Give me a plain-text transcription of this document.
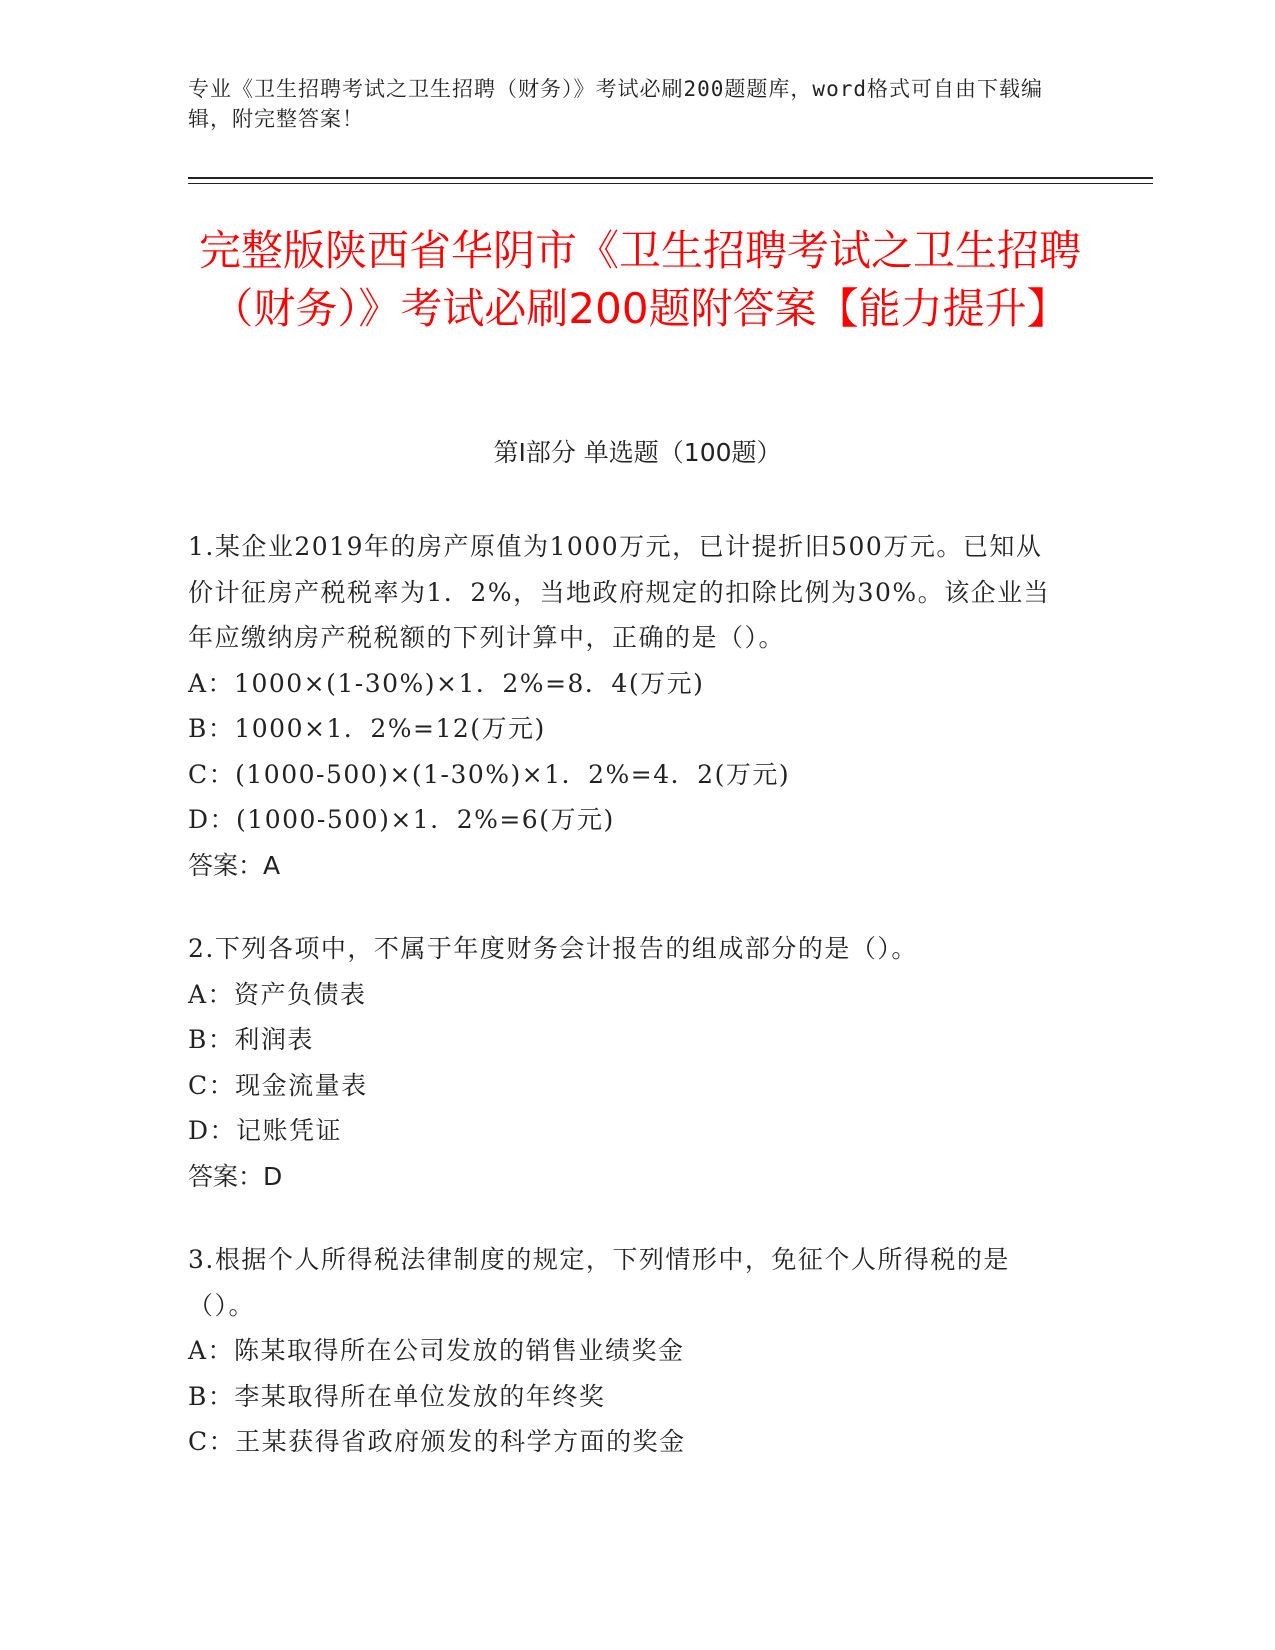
专业《卫生招聘考试之卫生招聘（财务）》考试必刷200题题库，word格式可自由下载编辑，附完整答案！
完整版陕西省华阴市《卫生招聘考试之卫生招聘（财务）》考试必刷200题附答案【能力提升】
第I部分 单选题（100题）
1.某企业2019年的房产原值为1000万元，已计提折旧500万元。已知从价计征房产税税率为1．2%，当地政府规定的扣除比例为30%。该企业当年应缴纳房产税税额的下列计算中，正确的是（）。
A：1000×(1-30%)×1．2%=8．4(万元)
B：1000×1．2%=12(万元)
C：(1000-500)×(1-30%)×1．2%=4．2(万元)
D：(1000-500)×1．2%=6(万元)
答案：A
2.下列各项中，不属于年度财务会计报告的组成部分的是（）。
A：资产负债表
B：利润表
C：现金流量表
D：记账凭证
答案：D
3.根据个人所得税法律制度的规定，下列情形中，免征个人所得税的是（）。
A：陈某取得所在公司发放的销售业绩奖金
B：李某取得所在单位发放的年终奖
C：王某获得省政府颁发的科学方面的奖金
